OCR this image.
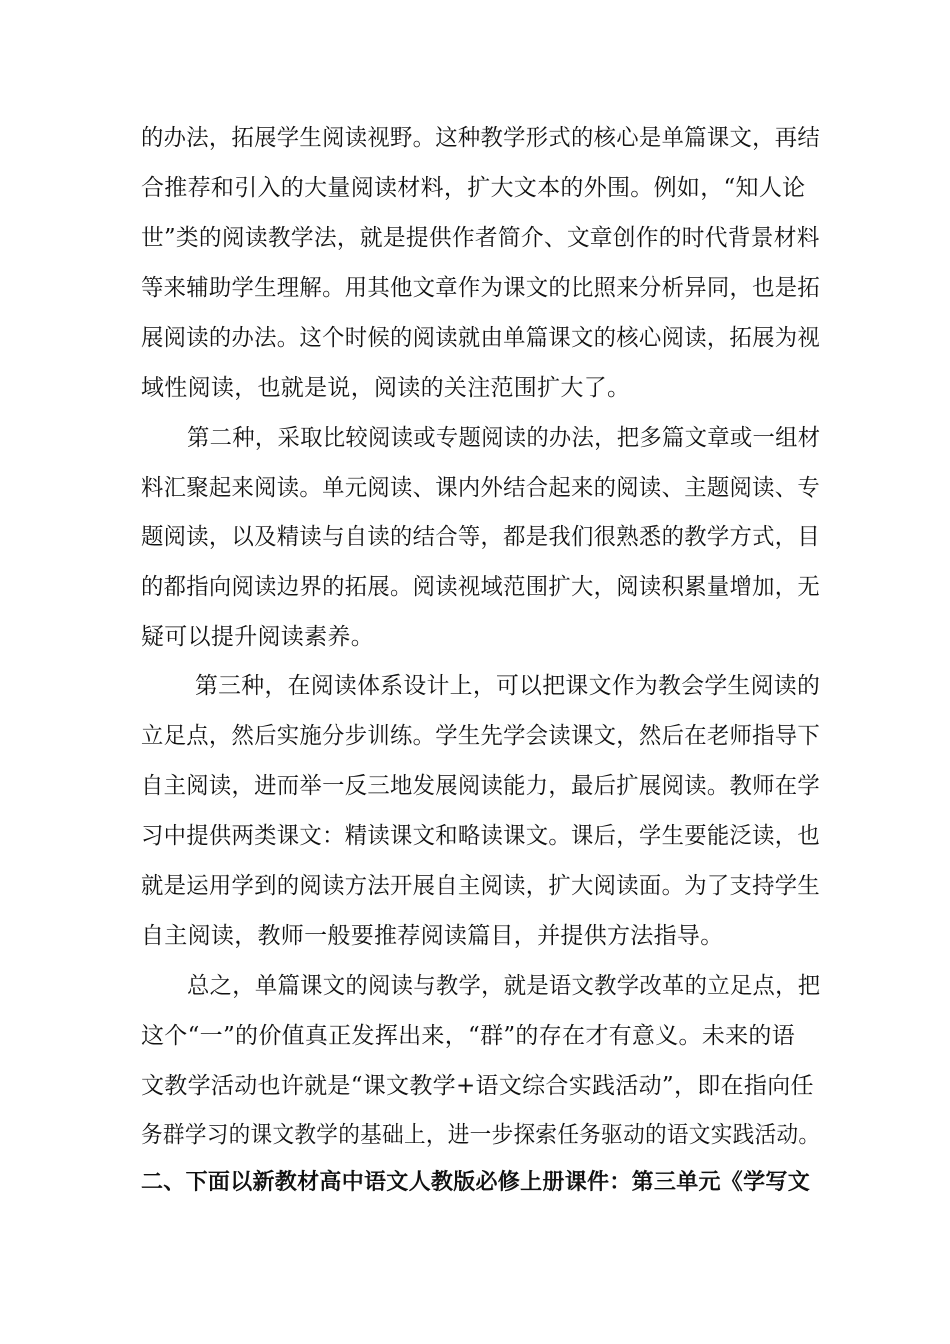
的办法，拓展学生阅读视野。这种教学形式的核心是单篇课文，再结
合推荐和引入的大量阅读材料，扩大文本的外围。例如，“知人论
世”类的阅读教学法，就是提供作者简介、文章创作的时代背景材料
等来辅助学生理解。用其他文章作为课文的比照来分析异同，也是拓
展阅读的办法。这个时候的阅读就由单篇课文的核心阅读，拓展为视
域性阅读，也就是说，阅读的关注范围扩大了。
第二种，采取比较阅读或专题阅读的办法，把多篇文章或一组材
料汇聚起来阅读。单元阅读、课内外结合起来的阅读、主题阅读、专
题阅读，以及精读与自读的结合等，都是我们很熟悉的教学方式，目
的都指向阅读边界的拓展。阅读视域范围扩大，阅读积累量增加，无
疑可以提升阅读素养。
第三种，在阅读体系设计上，可以把课文作为教会学生阅读的
立足点，然后实施分步训练。学生先学会读课文，然后在老师指导下
自主阅读，进而举一反三地发展阅读能力，最后扩展阅读。教师在学
习中提供两类课文：精读课文和略读课文。课后，学生要能泛读，也
就是运用学到的阅读方法开展自主阅读，扩大阅读面。为了支持学生
自主阅读，教师一般要推荐阅读篇目，并提供方法指导。
总之，单篇课文的阅读与教学，就是语文教学改革的立足点，把
这个“一”的价值真正发挥出来，“群”的存在才有意义。未来的语
文教学活动也许就是“课文教学+语文综合实践活动”，即在指向任
务群学习的课文教学的基础上，进一步探索任务驱动的语文实践活动。
二、下面以新教材高中语文人教版必修上册课件：第三单元《学写文
